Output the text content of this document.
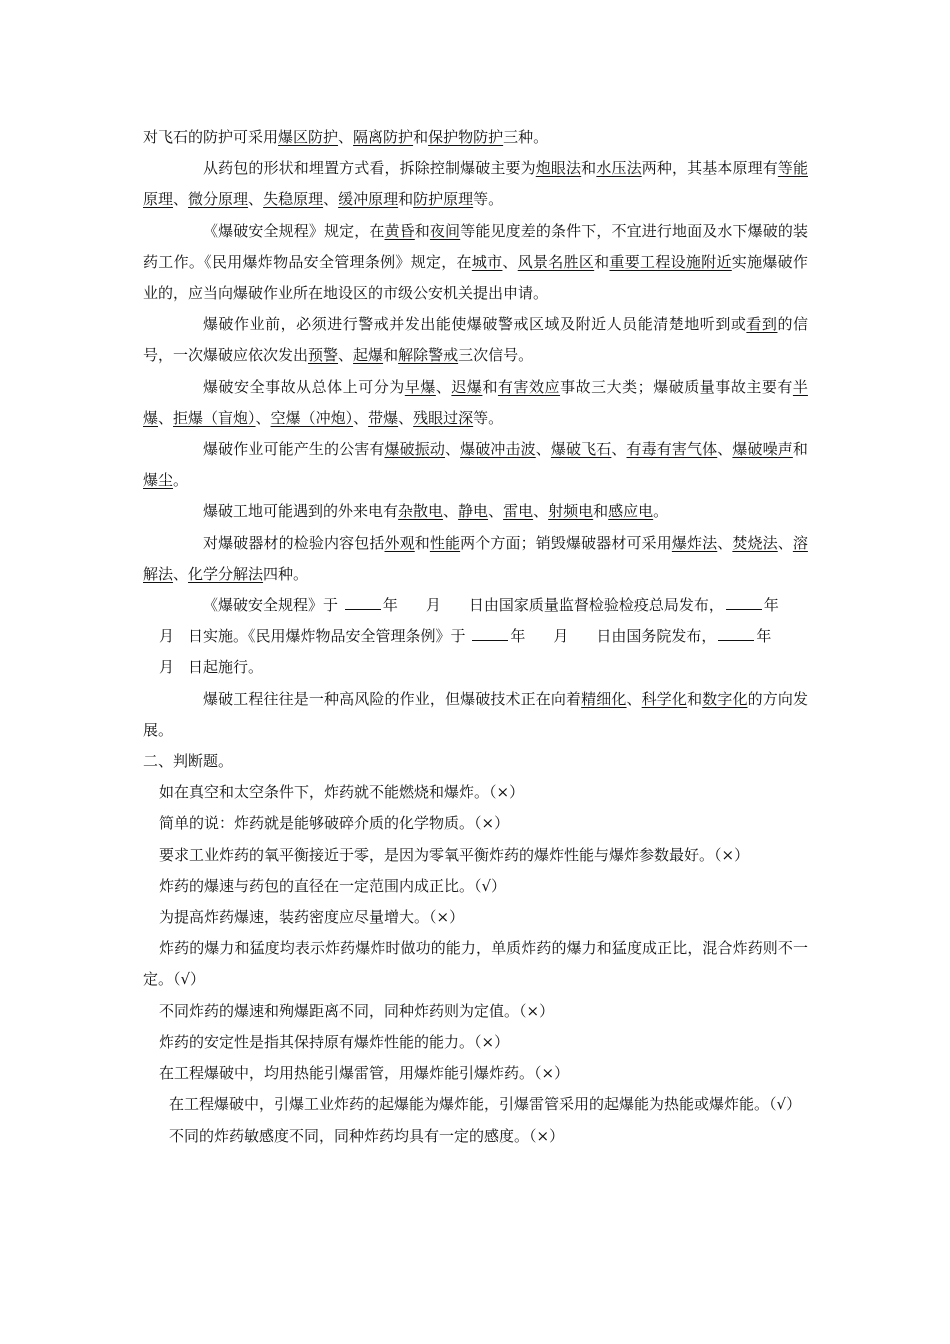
对飞石的防护可采用爆区防护、隔离防护和保护物防护三种。

从药包的形状和埋置方式看，拆除控制爆破主要为炮眼法和水压法两种，其基本原理有等能原理、微分原理、失稳原理、缓冲原理和防护原理等。

《爆破安全规程》规定，在黄昏和夜间等能见度差的条件下，不宜进行地面及水下爆破的装药工作。《民用爆炸物品安全管理条例》规定，在城市、风景名胜区和重要工程设施附近实施爆破作业的，应当向爆破作业所在地设区的市级公安机关提出申请。

爆破作业前，必须进行警戒并发出能使爆破警戒区域及附近人员能清楚地听到或看到的信号，一次爆破应依次发出预警、起爆和解除警戒三次信号。

爆破安全事故从总体上可分为早爆、迟爆和有害效应事故三大类；爆破质量事故主要有半爆、拒爆（盲炮）、空爆（冲炮）、带爆、残眼过深等。

爆破作业可能产生的公害有爆破振动、爆破冲击波、爆破飞石、有毒有害气体、爆破噪声和爆尘。

爆破工地可能遇到的外来电有杂散电、静电、雷电、射频电和感应电。

对爆破器材的检验内容包括外观和性能两个方面；销毁爆破器材可采用爆炸法、焚烧法、溶解法、化学分解法四种。

《爆破安全规程》于	年 月 日由国家质量监督检验检疫总局发布，	年
月 日实施。《民用爆炸物品安全管理条例》于	年 月 日由国务院发布，	年
月 日起施行。

爆破工程往往是一种高风险的作业，但爆破技术正在向着精细化、科学化和数字化的方向发展。

二、判断题。

如在真空和太空条件下，炸药就不能燃烧和爆炸。（×）

简单的说：炸药就是能够破碎介质的化学物质。（×）

要求工业炸药的氧平衡接近于零，是因为零氧平衡炸药的爆炸性能与爆炸参数最好。（×）

炸药的爆速与药包的直径在一定范围内成正比。（√）

为提高炸药爆速，装药密度应尽量增大。（×）

炸药的爆力和猛度均表示炸药爆炸时做功的能力，单质炸药的爆力和猛度成正比，混合炸药则不一定。（√）

不同炸药的爆速和殉爆距离不同，同种炸药则为定值。（×）

炸药的安定性是指其保持原有爆炸性能的能力。（×）

在工程爆破中，均用热能引爆雷管，用爆炸能引爆炸药。（×）

在工程爆破中，引爆工业炸药的起爆能为爆炸能，引爆雷管采用的起爆能为热能或爆炸能。（√）

不同的炸药敏感度不同，同种炸药均具有一定的感度。（×）
